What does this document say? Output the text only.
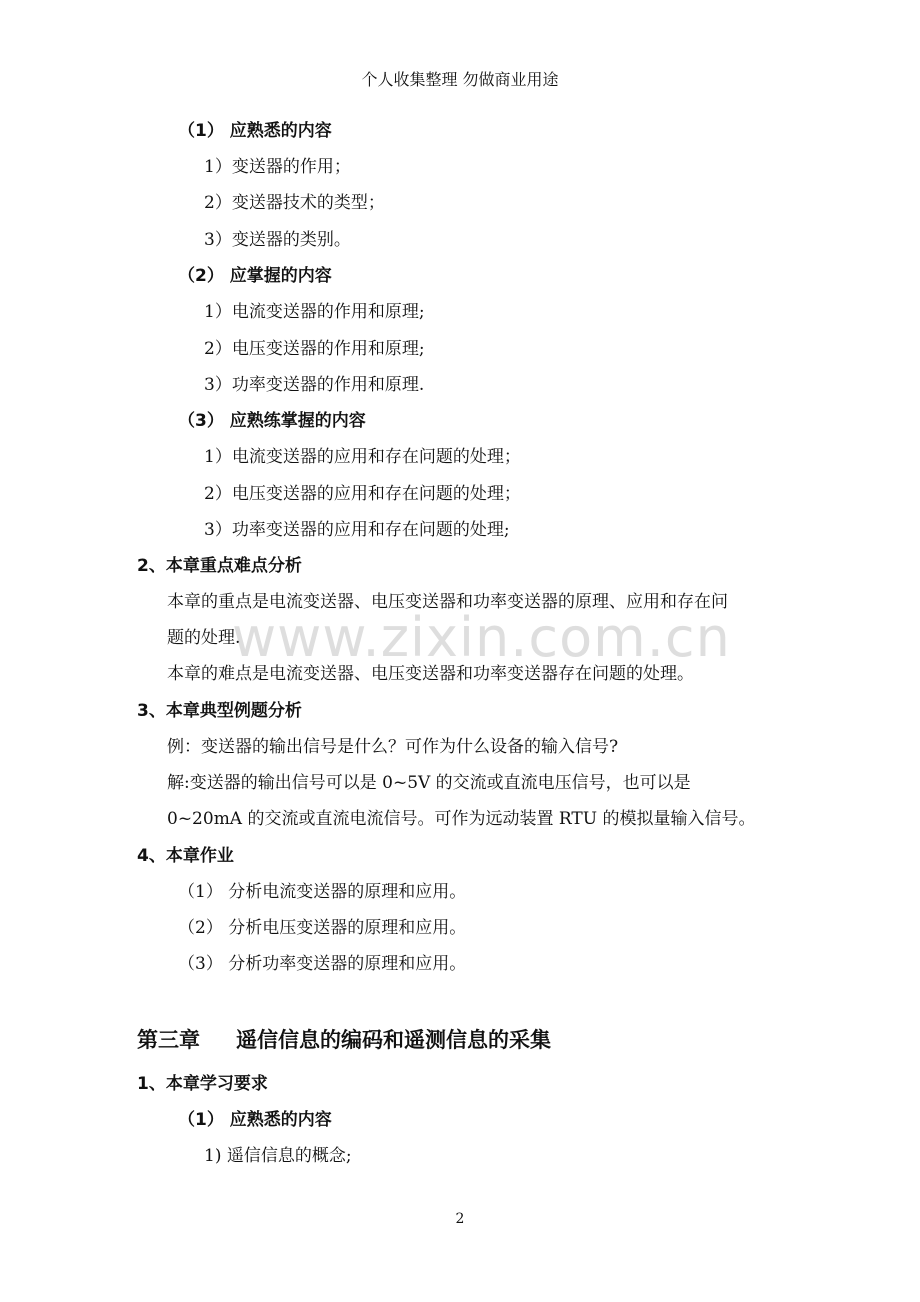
个人收集整理 勿做商业用途
www.zixin.com.cn
（1） 应熟悉的内容
1）变送器的作用；
2）变送器技术的类型；
3）变送器的类别。
（2） 应掌握的内容
1）电流变送器的作用和原理;
2）电压变送器的作用和原理;
3）功率变送器的作用和原理.
（3） 应熟练掌握的内容
1）电流变送器的应用和存在问题的处理；
2）电压变送器的应用和存在问题的处理；
3）功率变送器的应用和存在问题的处理;
2、本章重点难点分析
本章的重点是电流变送器、电压变送器和功率变送器的原理、应用和存在问
题的处理.
本章的难点是电流变送器、电压变送器和功率变送器存在问题的处理。
3、本章典型例题分析
例：变送器的输出信号是什么？可作为什么设备的输入信号?
解:变送器的输出信号可以是 0~5V 的交流或直流电压信号，也可以是
0~20mA 的交流或直流电流信号。可作为远动装置 RTU 的模拟量输入信号。
4、本章作业
（1） 分析电流变送器的原理和应用。
（2） 分析电压变送器的原理和应用。
（3） 分析功率变送器的原理和应用。
第三章 遥信信息的编码和遥测信息的采集
1、本章学习要求
（1） 应熟悉的内容
1) 遥信信息的概念;
2
